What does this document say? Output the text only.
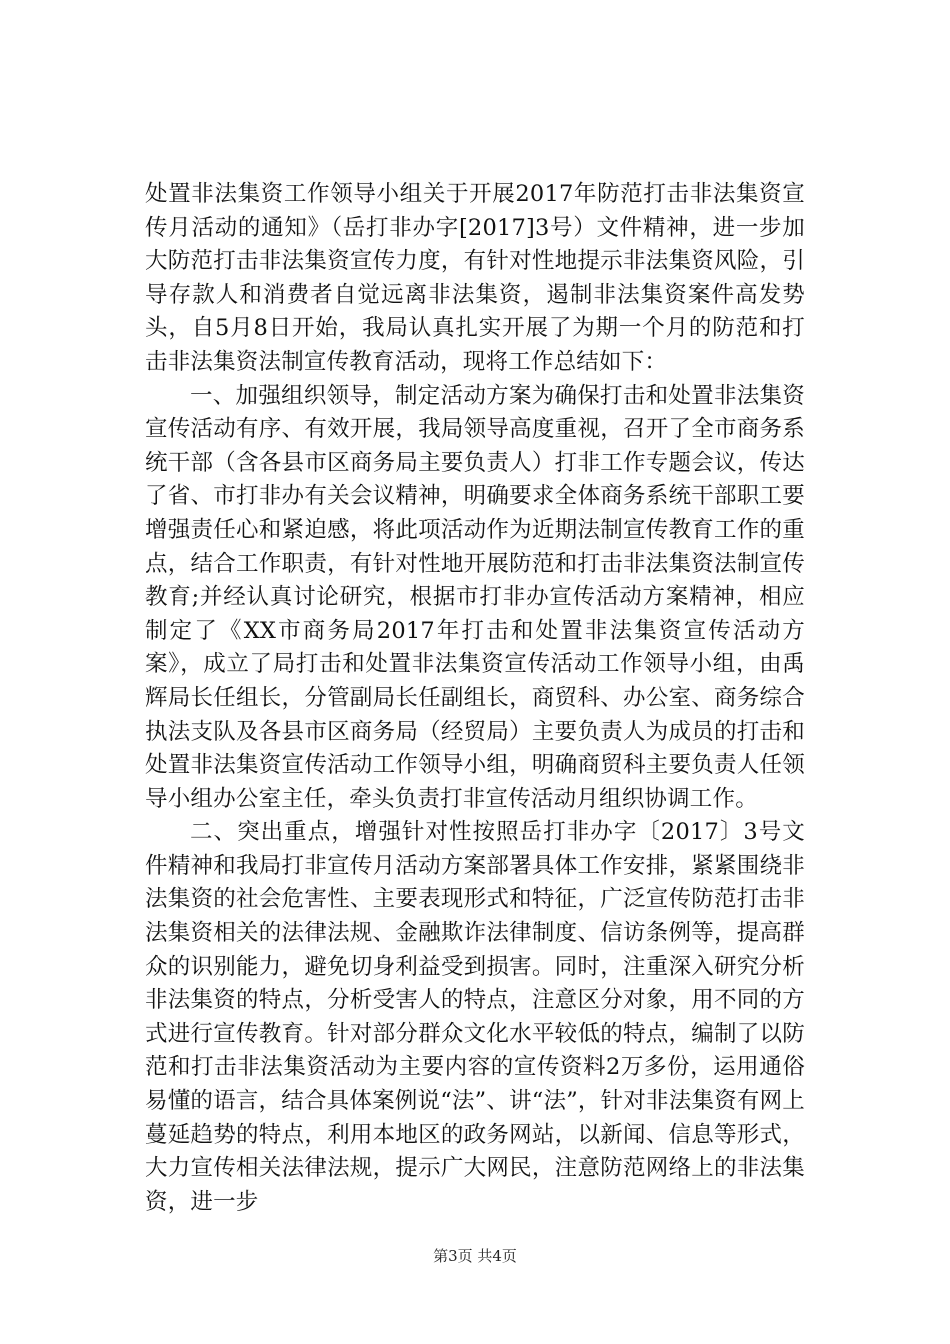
处置非法集资工作领导小组关于开展2017年防范打击非法集资宣传月活动的通知》（岳打非办字[2017]3号）文件精神，进一步加大防范打击非法集资宣传力度，有针对性地提示非法集资风险，引导存款人和消费者自觉远离非法集资，遏制非法集资案件高发势头，自5月8日开始，我局认真扎实开展了为期一个月的防范和打击非法集资法制宣传教育活动，现将工作总结如下：

一、加强组织领导，制定活动方案为确保打击和处置非法集资宣传活动有序、有效开展，我局领导高度重视，召开了全市商务系统干部（含各县市区商务局主要负责人）打非工作专题会议，传达了省、市打非办有关会议精神，明确要求全体商务系统干部职工要增强责任心和紧迫感，将此项活动作为近期法制宣传教育工作的重点，结合工作职责，有针对性地开展防范和打击非法集资法制宣传教育;并经认真讨论研究，根据市打非办宣传活动方案精神，相应制定了《XX市商务局2017年打击和处置非法集资宣传活动方案》，成立了局打击和处置非法集资宣传活动工作领导小组，由禹辉局长任组长，分管副局长任副组长，商贸科、办公室、商务综合执法支队及各县市区商务局（经贸局）主要负责人为成员的打击和处置非法集资宣传活动工作领导小组，明确商贸科主要负责人任领导小组办公室主任，牵头负责打非宣传活动月组织协调工作。

二、突出重点，增强针对性按照岳打非办字〔2017〕3号文件精神和我局打非宣传月活动方案部署具体工作安排，紧紧围绕非法集资的社会危害性、主要表现形式和特征，广泛宣传防范打击非法集资相关的法律法规、金融欺诈法律制度、信访条例等，提高群众的识别能力，避免切身利益受到损害。同时，注重深入研究分析非法集资的特点，分析受害人的特点，注意区分对象，用不同的方式进行宣传教育。针对部分群众文化水平较低的特点，编制了以防范和打击非法集资活动为主要内容的宣传资料2万多份，运用通俗易懂的语言，结合具体案例说“法”、讲“法”，针对非法集资有网上蔓延趋势的特点，利用本地区的政务网站，以新闻、信息等形式，大力宣传相关法律法规，提示广大网民，注意防范网络上的非法集资，进一步

第3页 共4页
